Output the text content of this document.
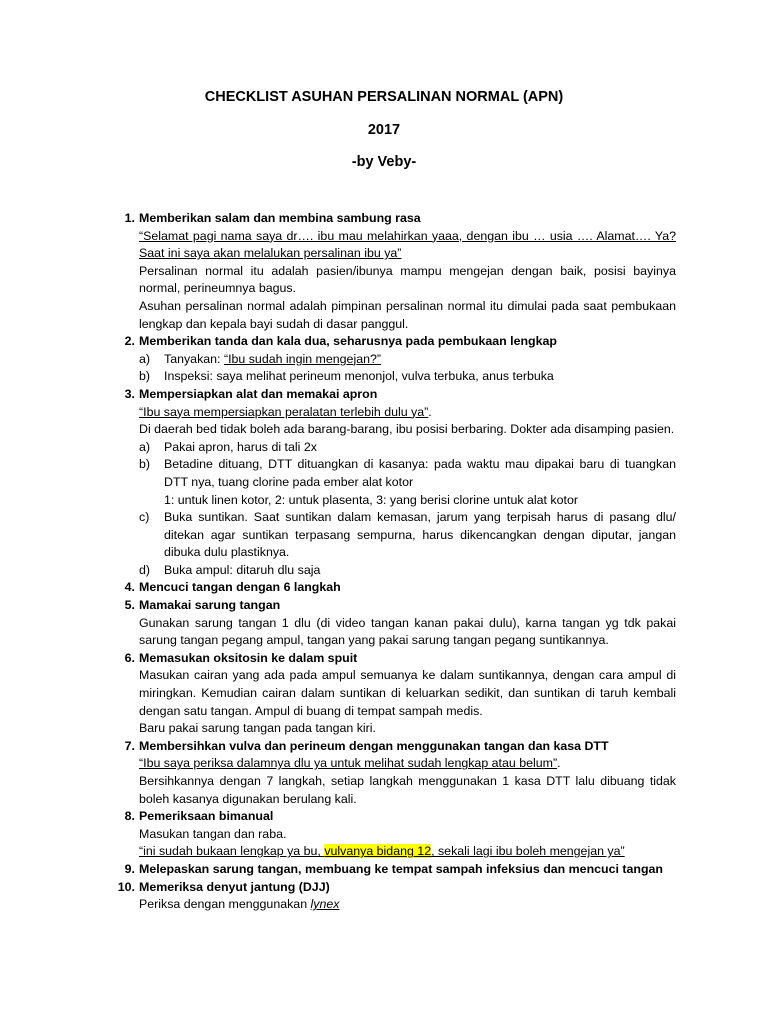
CHECKLIST ASUHAN PERSALINAN NORMAL (APN)
2017
-by Veby-
1. Memberikan salam dan membina sambung rasa
“Selamat pagi nama saya dr…. ibu mau melahirkan yaaa, dengan ibu … usia …. Alamat…. Ya? Saat ini saya akan melalukan persalinan ibu ya”
Persalinan normal itu adalah pasien/ibunya mampu mengejan dengan baik, posisi bayinya normal, perineumnya bagus.
Asuhan persalinan normal adalah pimpinan persalinan normal itu dimulai pada saat pembukaan lengkap dan kepala bayi sudah di dasar panggul.
2. Memberikan tanda dan kala dua, seharusnya pada pembukaan lengkap
a) Tanyakan: “Ibu sudah ingin mengejan?”
b) Inspeksi: saya melihat perineum menonjol, vulva terbuka, anus terbuka
3. Mempersiapkan alat dan memakai apron
“Ibu saya mempersiapkan peralatan terlebih dulu ya”.
Di daerah bed tidak boleh ada barang-barang, ibu posisi berbaring. Dokter ada disamping pasien.
a) Pakai apron, harus di tali 2x
b) Betadine dituang, DTT dituangkan di kasanya: pada waktu mau dipakai baru di tuangkan DTT nya, tuang clorine pada ember alat kotor
1: untuk linen kotor, 2: untuk plasenta, 3: yang berisi clorine untuk alat kotor
c) Buka suntikan. Saat suntikan dalam kemasan, jarum yang terpisah harus di pasang dlu/ ditekan agar suntikan terpasang sempurna, harus dikencangkan dengan diputar, jangan dibuka dulu plastiknya.
d) Buka ampul: ditaruh dlu saja
4. Mencuci tangan dengan 6 langkah
5. Mamakai sarung tangan
Gunakan sarung tangan 1 dlu (di video tangan kanan pakai dulu), karna tangan yg tdk pakai sarung tangan pegang ampul, tangan yang pakai sarung tangan pegang suntikannya.
6. Memasukan oksitosin ke dalam spuit
Masukan cairan yang ada pada ampul semuanya ke dalam suntikannya, dengan cara ampul di miringkan. Kemudian cairan dalam suntikan di keluarkan sedikit, dan suntikan di taruh kembali dengan satu tangan. Ampul di buang di tempat sampah medis.
Baru pakai sarung tangan pada tangan kiri.
7. Membersihkan vulva dan perineum dengan menggunakan tangan dan kasa DTT
“Ibu saya periksa dalamnya dlu ya untuk melihat sudah lengkap atau belum”.
Bersihkannya dengan 7 langkah, setiap langkah menggunakan 1 kasa DTT lalu dibuang tidak boleh kasanya digunakan berulang kali.
8. Pemeriksaan bimanual
Masukan tangan dan raba.
“ini sudah bukaan lengkap ya bu, vulvanya bidang 12, sekali lagi ibu boleh mengejan ya”
9. Melepaskan sarung tangan, membuang ke tempat sampah infeksius dan mencuci tangan
10. Memeriksa denyut jantung (DJJ)
Periksa dengan menggunakan lynex
